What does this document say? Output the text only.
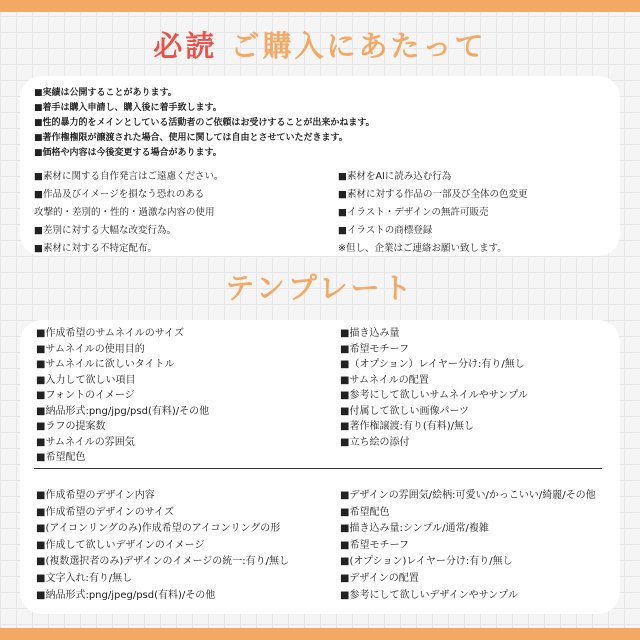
必読 ご購入にあたって
■実績は公開することがあります。
■着手は購入申請し、購入後に着手致します。
■性的暴力的をメインとしている活動者のご依頼はお受けすることが出来かねます。
■著作権権限が譲渡された場合、使用に関しては自由とさせていただきます。
■価格や内容は今後変更する場合があります。
■素材に関する自作発言はご遠慮ください。
■作品及びイメージを損なう恐れのある
攻撃的・差別的・性的・過激な内容の使用
■差別に対する大幅な改変行為。
■素材に対する不特定配布。
■素材をAIに読み込む行為
■素材に対する作品の一部及び全体の色変更
■イラスト・デザインの無許可販売
■イラストの商標登録
※但し、企業はご連絡お願い致します。
テンプレート
■作成希望のサムネイルのサイズ
■サムネイルの使用目的
■サムネイルに欲しいタイトル
■入力して欲しい項目
■フォントのイメージ
■納品形式:png/jpg/psd(有料)/その他
■ラフの提案数
■サムネイルの雰囲気
■希望配色
■描き込み量
■希望モチーフ
■（オプション）レイヤー分け:有り/無し
■サムネイルの配置
■参考にして欲しいサムネイルやサンプル
■付属して欲しい画像パーツ
■著作権譲渡:有り(有料)/無し
■立ち絵の添付
■作成希望のデザイン内容
■作成希望のデザインのサイズ
■(アイコンリングのみ)作成希望のアイコンリングの形
■作成して欲しいデザインのイメージ
■(複数選択者のみ)デザインのイメージの統一:有り/無し
■文字入れ:有り/無し
■納品形式:png/jpeg/psd(有料)/その他
■デザインの雰囲気/絵柄:可愛い/かっこいい/綺麗/その他
■希望配色
■描き込み量:シンプル/通常/複雑
■希望モチーフ
■(オプション)レイヤー分け:有り/無し
■デザインの配置
■参考にして欲しいデザインやサンプル
